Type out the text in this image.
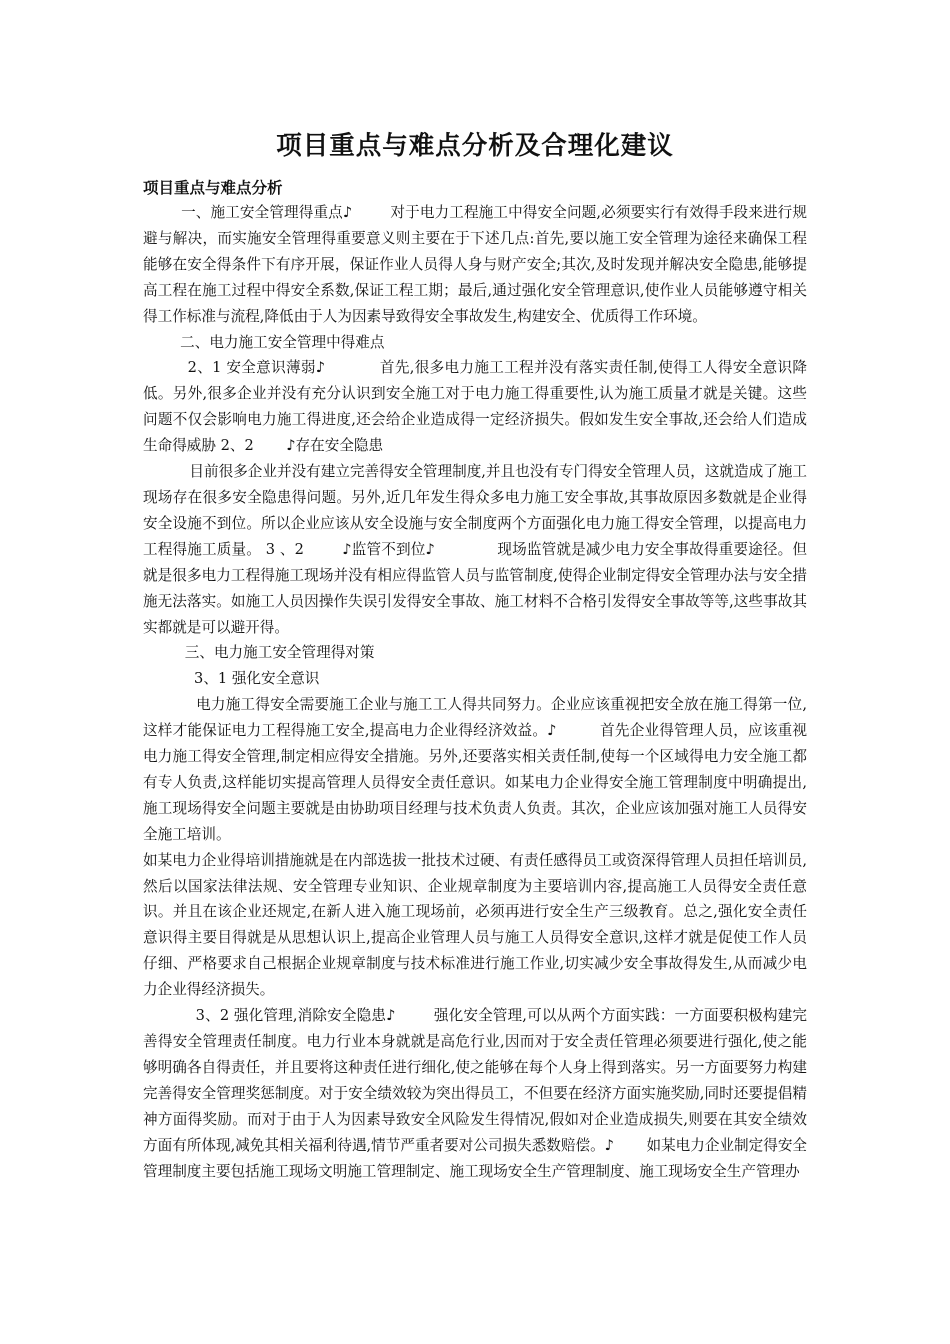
项目重点与难点分析及合理化建议
项目重点与难点分析

一、施工安全管理得重点♪        对于电力工程施工中得安全问题,必须要实行有效得手段来进行规避与解决，而实施安全管理得重要意义则主要在于下述几点:首先,要以施工安全管理为途径来确保工程能够在安全得条件下有序开展，保证作业人员得人身与财产安全;其次,及时发现并解决安全隐患,能够提高工程在施工过程中得安全系数,保证工程工期；最后,通过强化安全管理意识,使作业人员能够遵守相关得工作标准与流程,降低由于人为因素导致得安全事故发生,构建安全、优质得工作环境。

二、电力施工安全管理中得难点

2、1 安全意识薄弱♪           首先,很多电力施工工程并没有落实责任制,使得工人得安全意识降低。另外,很多企业并没有充分认识到安全施工对于电力施工得重要性,认为施工质量才就是关键。这些问题不仅会影响电力施工得进度,还会给企业造成得一定经济损失。假如发生安全事故,还会给人们造成生命得威胁 2、2       ♪存在安全隐患

目前很多企业并没有建立完善得安全管理制度,并且也没有专门得安全管理人员，这就造成了施工现场存在很多安全隐患得问题。另外,近几年发生得众多电力施工安全事故,其事故原因多数就是企业得安全设施不到位。所以企业应该从安全设施与安全制度两个方面强化电力施工得安全管理，以提高电力工程得施工质量。 3 、2        ♪监管不到位♪             现场监管就是减少电力安全事故得重要途径。但就是很多电力工程得施工现场并没有相应得监管人员与监管制度,使得企业制定得安全管理办法与安全措施无法落实。如施工人员因操作失误引发得安全事故、施工材料不合格引发得安全事故等等,这些事故其实都就是可以避开得。

三、电力施工安全管理得对策

3、1 强化安全意识

电力施工得安全需要施工企业与施工工人得共同努力。企业应该重视把安全放在施工得第一位,这样才能保证电力工程得施工安全,提高电力企业得经济效益。♪         首先企业得管理人员，应该重视电力施工得安全管理,制定相应得安全措施。另外,还要落实相关责任制,使每一个区域得电力安全施工都有专人负责,这样能切实提高管理人员得安全责任意识。如某电力企业得安全施工管理制度中明确提出,施工现场得安全问题主要就是由协助项目经理与技术负责人负责。其次，企业应该加强对施工人员得安全施工培训。

如某电力企业得培训措施就是在内部选拔一批技术过硬、有责任感得员工或资深得管理人员担任培训员,然后以国家法律法规、安全管理专业知识、企业规章制度为主要培训内容,提高施工人员得安全责任意识。并且在该企业还规定,在新人进入施工现场前，必须再进行安全生产三级教育。总之,强化安全责任意识得主要目得就是从思想认识上,提高企业管理人员与施工人员得安全意识,这样才就是促使工作人员仔细、严格要求自己根据企业规章制度与技术标准进行施工作业,切实减少安全事故得发生,从而减少电力企业得经济损失。

3、2 强化管理,消除安全隐患♪        强化安全管理,可以从两个方面实践：一方面要积极构建完善得安全管理责任制度。电力行业本身就就是高危行业,因而对于安全责任管理必须要进行强化,使之能够明确各自得责任，并且要将这种责任进行细化,使之能够在每个人身上得到落实。另一方面要努力构建完善得安全管理奖惩制度。对于安全绩效较为突出得员工，不但要在经济方面实施奖励,同时还要提倡精神方面得奖励。而对于由于人为因素导致安全风险发生得情况,假如对企业造成损失,则要在其安全绩效方面有所体现,减免其相关福利待遇,情节严重者要对公司损失悉数赔偿。♪       如某电力企业制定得安全管理制度主要包括施工现场文明施工管理制定、施工现场安全生产管理制度、施工现场安全生产管理办
